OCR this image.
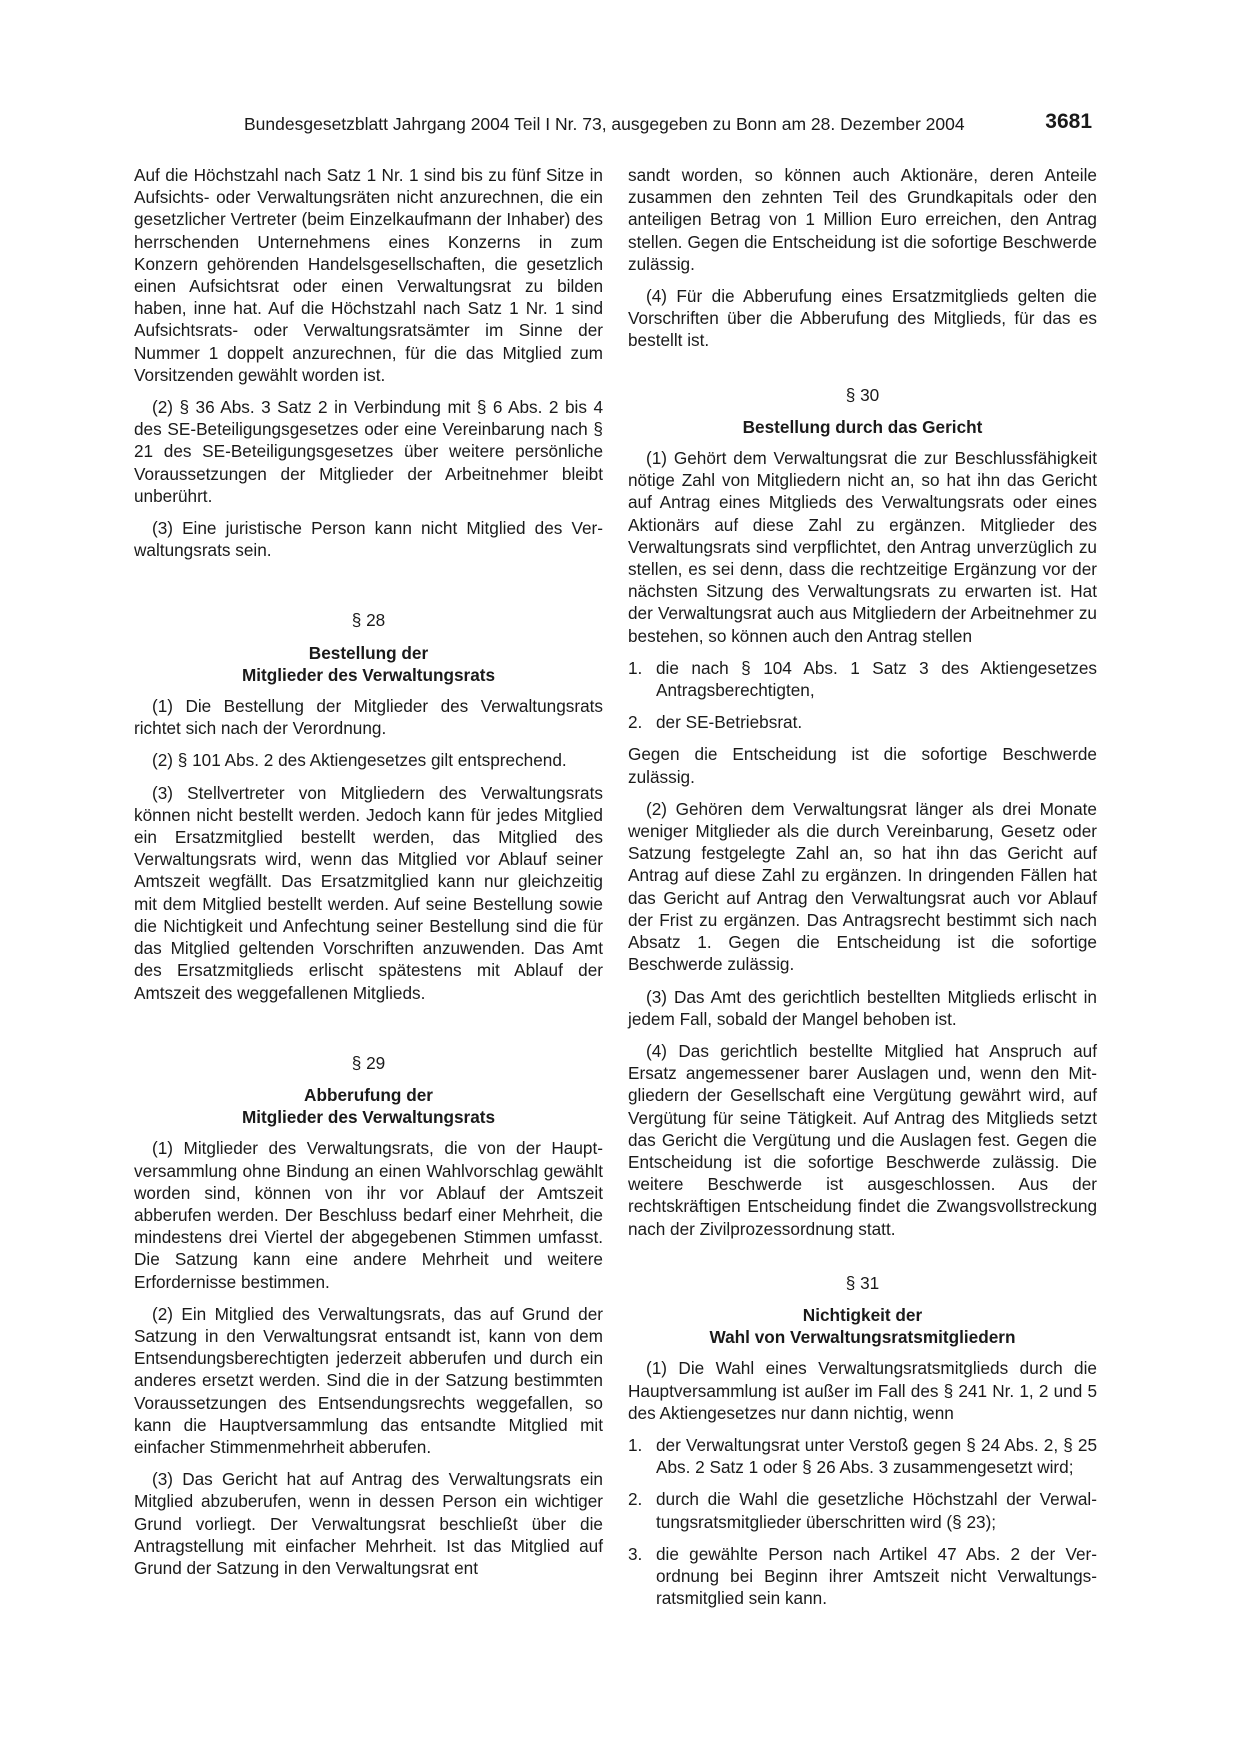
Bundesgesetzblatt Jahrgang 2004 Teil I Nr. 73, ausgegeben zu Bonn am 28. Dezember 2004	3681

Auf die Höchstzahl nach Satz 1 Nr. 1 sind bis zu fünf Sitze in Aufsichts- oder Verwaltungsräten nicht anzurechnen, die ein gesetzlicher Vertreter (beim Einzelkaufmann der Inhaber) des herrschenden Unternehmens eines Konzerns in zum Konzern gehörenden Handelsgesellschaften, die gesetzlich einen Aufsichtsrat oder einen Verwaltungsrat zu bilden haben, inne hat. Auf die Höchstzahl nach Satz 1 Nr. 1 sind Aufsichtsrats- oder Verwaltungsratsämter im Sinne der Nummer 1 doppelt anzurechnen, für die das Mitglied zum Vorsitzenden gewählt worden ist.

(2) § 36 Abs. 3 Satz 2 in Verbindung mit § 6 Abs. 2 bis 4 des SE-Beteiligungsgesetzes oder eine Vereinbarung nach § 21 des SE-Beteiligungsgesetzes über weitere persönliche Voraussetzungen der Mitglieder der Arbeitnehmer bleibt unberührt.

(3) Eine juristische Person kann nicht Mitglied des Verwaltungsrats sein.

§ 28
Bestellung der
Mitglieder des Verwaltungsrats

(1) Die Bestellung der Mitglieder des Verwaltungsrats richtet sich nach der Verordnung.

(2) § 101 Abs. 2 des Aktiengesetzes gilt entsprechend.

(3) Stellvertreter von Mitgliedern des Verwaltungsrats können nicht bestellt werden. Jedoch kann für jedes Mitglied ein Ersatzmitglied bestellt werden, das Mitglied des Verwaltungsrats wird, wenn das Mitglied vor Ablauf seiner Amtszeit wegfällt. Das Ersatzmitglied kann nur gleichzeitig mit dem Mitglied bestellt werden. Auf seine Bestellung sowie die Nichtigkeit und Anfechtung seiner Bestellung sind die für das Mitglied geltenden Vorschriften anzuwenden. Das Amt des Ersatzmitglieds erlischt spätestens mit Ablauf der Amtszeit des weggefallenen Mitglieds.

§ 29
Abberufung der
Mitglieder des Verwaltungsrats

(1) Mitglieder des Verwaltungsrats, die von der Hauptversammlung ohne Bindung an einen Wahlvorschlag gewählt worden sind, können von ihr vor Ablauf der Amtszeit abberufen werden. Der Beschluss bedarf einer Mehrheit, die mindestens drei Viertel der abgegebenen Stimmen umfasst. Die Satzung kann eine andere Mehrheit und weitere Erfordernisse bestimmen.

(2) Ein Mitglied des Verwaltungsrats, das auf Grund der Satzung in den Verwaltungsrat entsandt ist, kann von dem Entsendungsberechtigten jederzeit abberufen und durch ein anderes ersetzt werden. Sind die in der Satzung bestimmten Voraussetzungen des Entsendungsrechts weggefallen, so kann die Hauptversammlung das entsandte Mitglied mit einfacher Stimmenmehrheit abberufen.

(3) Das Gericht hat auf Antrag des Verwaltungsrats ein Mitglied abzuberufen, wenn in dessen Person ein wichtiger Grund vorliegt. Der Verwaltungsrat beschließt über die Antragstellung mit einfacher Mehrheit. Ist das Mitglied auf Grund der Satzung in den Verwaltungsrat ent

sandt worden, so können auch Aktionäre, deren Anteile zusammen den zehnten Teil des Grundkapitals oder den anteiligen Betrag von 1 Million Euro erreichen, den Antrag stellen. Gegen die Entscheidung ist die sofortige Beschwerde zulässig.

(4) Für die Abberufung eines Ersatzmitglieds gelten die Vorschriften über die Abberufung des Mitglieds, für das es bestellt ist.

§ 30
Bestellung durch das Gericht

(1) Gehört dem Verwaltungsrat die zur Beschlussfähigkeit nötige Zahl von Mitgliedern nicht an, so hat ihn das Gericht auf Antrag eines Mitglieds des Verwaltungsrats oder eines Aktionärs auf diese Zahl zu ergänzen. Mitglieder des Verwaltungsrats sind verpflichtet, den Antrag unverzüglich zu stellen, es sei denn, dass die rechtzeitige Ergänzung vor der nächsten Sitzung des Verwaltungsrats zu erwarten ist. Hat der Verwaltungsrat auch aus Mitgliedern der Arbeitnehmer zu bestehen, so können auch den Antrag stellen

1. die nach § 104 Abs. 1 Satz 3 des Aktiengesetzes Antragsberechtigten,
2. der SE-Betriebsrat.

Gegen die Entscheidung ist die sofortige Beschwerde zulässig.

(2) Gehören dem Verwaltungsrat länger als drei Monate weniger Mitglieder als die durch Vereinbarung, Gesetz oder Satzung festgelegte Zahl an, so hat ihn das Gericht auf Antrag auf diese Zahl zu ergänzen. In dringenden Fällen hat das Gericht auf Antrag den Verwaltungsrat auch vor Ablauf der Frist zu ergänzen. Das Antragsrecht bestimmt sich nach Absatz 1. Gegen die Entscheidung ist die sofortige Beschwerde zulässig.

(3) Das Amt des gerichtlich bestellten Mitglieds erlischt in jedem Fall, sobald der Mangel behoben ist.

(4) Das gerichtlich bestellte Mitglied hat Anspruch auf Ersatz angemessener barer Auslagen und, wenn den Mitgliedern der Gesellschaft eine Vergütung gewährt wird, auf Vergütung für seine Tätigkeit. Auf Antrag des Mitglieds setzt das Gericht die Vergütung und die Auslagen fest. Gegen die Entscheidung ist die sofortige Beschwerde zulässig. Die weitere Beschwerde ist ausgeschlossen. Aus der rechtskräftigen Entscheidung findet die Zwangsvollstreckung nach der Zivilprozessordnung statt.

§ 31
Nichtigkeit der
Wahl von Verwaltungsratsmitgliedern

(1) Die Wahl eines Verwaltungsratsmitglieds durch die Hauptversammlung ist außer im Fall des § 241 Nr. 1, 2 und 5 des Aktiengesetzes nur dann nichtig, wenn

1. der Verwaltungsrat unter Verstoß gegen § 24 Abs. 2, § 25 Abs. 2 Satz 1 oder § 26 Abs. 3 zusammengesetzt wird;
2. durch die Wahl die gesetzliche Höchstzahl der Verwaltungsratsmitglieder überschritten wird (§ 23);
3. die gewählte Person nach Artikel 47 Abs. 2 der Verordnung bei Beginn ihrer Amtszeit nicht Verwaltungsratsmitglied sein kann.
